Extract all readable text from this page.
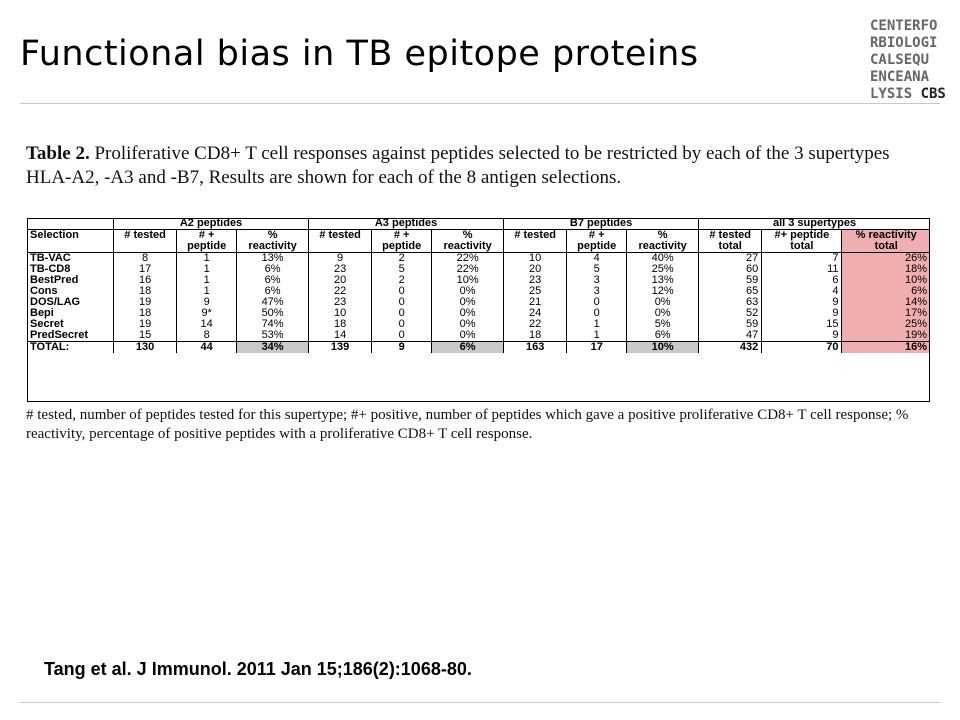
Functional bias in TB epitope proteins
CENTERFO
RBIOLOGI
CALSEQU
ENCEANA
LYSIS CBS

Table 2. Proliferative CD8+ T cell responses against peptides selected to be restricted by each of the 3 supertypes HLA-A2, -A3 and -B7, Results are shown for each of the 8 antigen selections.

	A2 peptides			A3 peptides			B7 peptides			all 3 supertypes		
Selection	# tested	# +	%	# tested	# +	%	# tested	# +	%	# tested	#+ peptide	% reactivity
		peptide	reactivity		peptide	reactivity		peptide	reactivity	total	total	total
TB-VAC	8	1	13%	9	2	22%	10	4	40%	27	7	26%
TB-CD8	17	1	6%	23	5	22%	20	5	25%	60	11	18%
BestPred	16	1	6%	20	2	10%	23	3	13%	59	6	10%
Cons	18	1	6%	22	0	0%	25	3	12%	65	4	6%
DOS/LAG	19	9	47%	23	0	0%	21	0	0%	63	9	14%
Bepi	18	9*	50%	10	0	0%	24	0	0%	52	9	17%
Secret	19	14	74%	18	0	0%	22	1	5%	59	15	25%
PredSecret	15	8	53%	14	0	0%	18	1	6%	47	9	19%
TOTAL:	130	44	34%	139	9	6%	163	17	10%	432	70	16%

# tested, number of peptides tested for this supertype; #+ positive, number of peptides which gave a positive proliferative CD8+ T cell response; % reactivity, percentage of positive peptides with a proliferative CD8+ T cell response.

Tang et al. J Immunol. 2011 Jan 15;186(2):1068-80.
